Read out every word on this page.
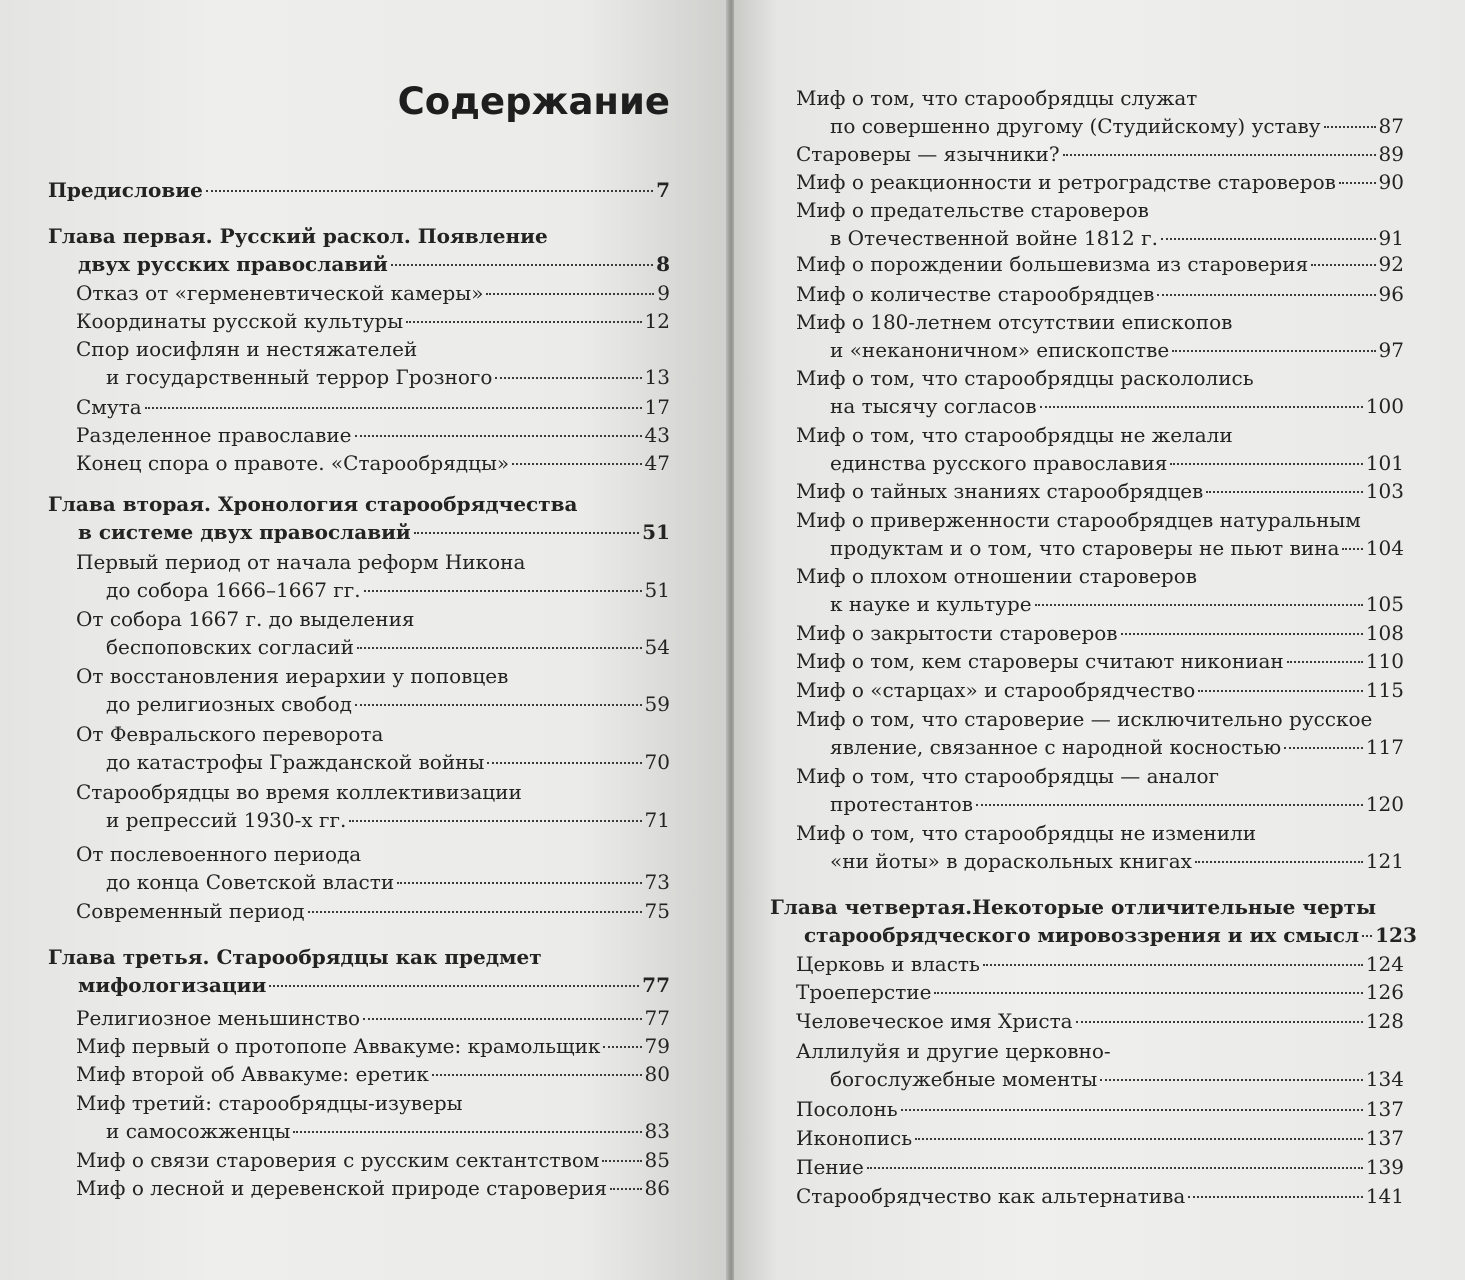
Содержание
Предисловие	7
Глава первая. Русский раскол. Появление
двух русских православий	8
Отказ от «герменевтической камеры»	9
Координаты русской культуры	12
Спор иосифлян и нестяжателей
и государственный террор Грозного	13
Смута	17
Разделенное православие	43
Конец спора о правоте. «Старообрядцы»	47
Глава вторая. Хронология старообрядчества
в системе двух православий	51
Первый период от начала реформ Никона
до собора 1666–1667 гг.	51
От собора 1667 г. до выделения
беспоповских согласий	54
От восстановления иерархии у поповцев
до религиозных свобод	59
От Февральского переворота
до катастрофы Гражданской войны	70
Старообрядцы во время коллективизации
и репрессий 1930-х гг.	71
От послевоенного периода
до конца Советской власти	73
Современный период	75
Глава третья. Старообрядцы как предмет
мифологизации	77
Религиозное меньшинство	77
Миф первый о протопопе Аввакуме: крамольщик 79
Миф второй об Аввакуме: еретик	80
Миф третий: старообрядцы-изуверы
и самосожженцы	83
Миф о связи староверия с русским сектантством 85
Миф о лесной и деревенской природе староверия 86
Миф о том, что старообрядцы служат
по совершенно другому (Студийскому) уставу	87
Староверы — язычники?	89
Миф о реакционности и ретроградстве староверов 90
Миф о предательстве староверов
в Отечественной войне 1812 г.	91
Миф о порождении большевизма из староверия	92
Миф о количестве старообрядцев	96
Миф о 180-летнем отсутствии епископов
и «неканоничном» епископстве	97
Миф о том, что старообрядцы раскололись
на тысячу согласов	100
Миф о том, что старообрядцы не желали
единства русского православия	101
Миф о тайных знаниях старообрядцев	103
Миф о приверженности старообрядцев натуральным
продуктам и о том, что староверы не пьют вина 104
Миф о плохом отношении староверов
к науке и культуре	105
Миф о закрытости староверов	108
Миф о том, кем староверы считают никониан	110
Миф о «старцах» и старообрядчество	115
Миф о том, что староверие — исключительно русское
явление, связанное с народной косностью	117
Миф о том, что старообрядцы — аналог
протестантов	120
Миф о том, что старообрядцы не изменили
«ни йоты» в дораскольных книгах	121
Глава четвертая.Некоторые отличительные черты
старообрядческого мировоззрения и их смысл 123
Церковь и власть	124
Троеперстие	126
Человеческое имя Христа	128
Аллилуйя и другие церковно-
богослужебные моменты	134
Посолонь	137
Иконопись	137
Пение	139
Старообрядчество как альтернатива	141
